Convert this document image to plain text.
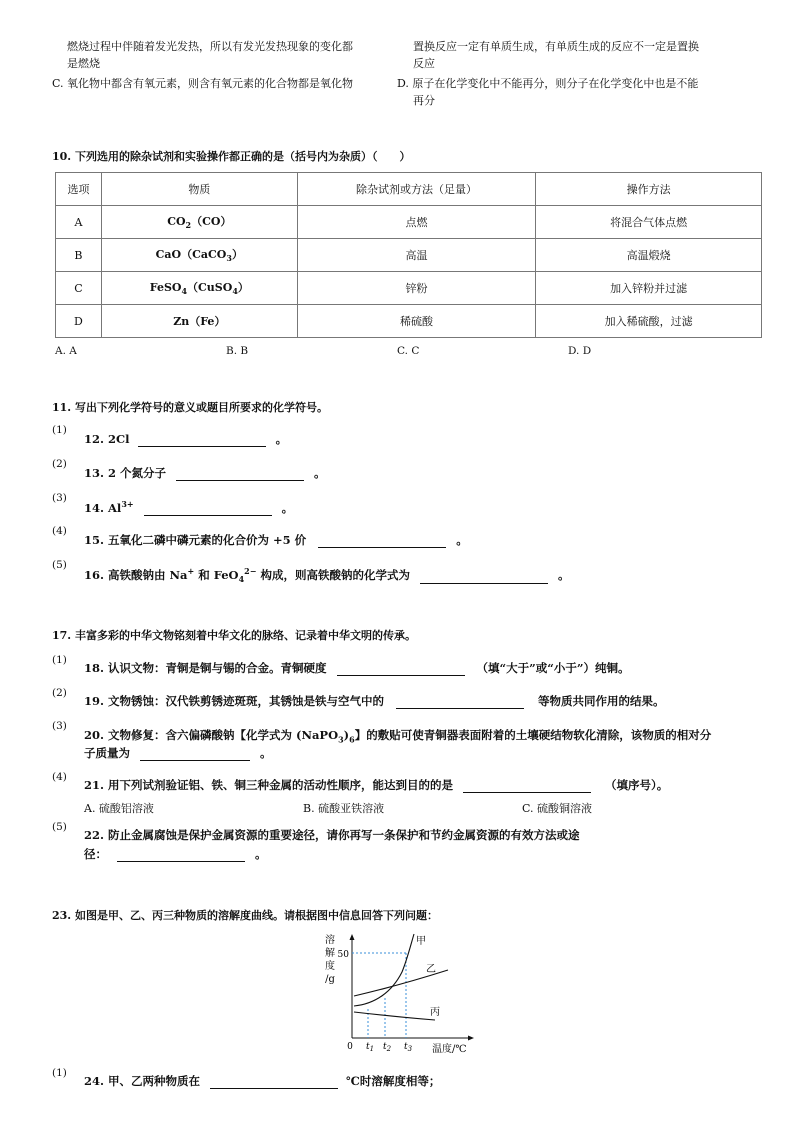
燃烧过程中伴随着发光发热，所以有发光发热现象的变化都
是燃烧
置换反应一定有单质生成，有单质生成的反应不一定是置换
反应
C. 氧化物中都含有氧元素，则含有氧元素的化合物都是氧化物	D. 原子在化学变化中不能再分，则分子在化学变化中也是不能
再分
10. 下列选用的除杂试剂和实验操作都正确的是（括号内为杂质）（　　）
选项	物质	除杂试剂或方法（足量）	操作方法
A	$CO_2(CO)$	点燃	将混合气体点燃
B	CaO（CaCO$_3$）	高温	高温煅烧
C	FeSO$_4$（CuSO$_4$）	锌粉	加入锌粉并过滤
D	Zn（Fe）	稀硫酸	加入稀硫酸，过滤
A. A	B. B	C. C	D. D
11. 写出下列化学符号的意义或题目所要求的化学符号。
(1)
12. 2Cl	。
(2)
13. 2 个氮分子	。
(3)
14. $Al^{3+}$	。
(4)
15. 五氧化二磷中磷元素的化合价为 +5 价	。
(5)
16. 高铁酸钠由 Na+ 和 FeO$_4^{2-}$ 构成，则高铁酸钠的化学式为	。
17. 丰富多彩的中华文物铭刻着中华文化的脉络、记录着中华文明的传承。
(1)
18. 认识文物：青铜是铜与锡的合金。青铜硬度	（填“大于”或“小于”）纯铜。
(2)
19. 文物锈蚀：汉代铁剪锈迹斑斑，其锈蚀是铁与空气中的	等物质共同作用的结果。
(3)
20. 文物修复：含六偏磷酸钠【化学式为 $(NaPO_3)_6$】的敷贴可使青铜器表面附着的土壤硬结物软化清除，该物质的相对分
子质量为	。
(4)
21. 用下列试剂验证铝、铁、铜三种金属的活动性顺序，能达到目的的是	（填序号）。
A. 硫酸铝溶液	B. 硫酸亚铁溶液	C. 硫酸铜溶液
(5)
22. 防止金属腐蚀是保护金属资源的重要途径，请你再写一条保护和节约金属资源的有效方法或途
径：	。
23. 如图是甲、乙、丙三种物质的溶解度曲线。请根据图中信息回答下列问题：
溶
解
度
/g
50
甲
乙
丙
0 $t_1$ $t_2$ $t_3$ 温度/℃
(1)
24. 甲、乙两种物质在	℃时溶解度相等；
